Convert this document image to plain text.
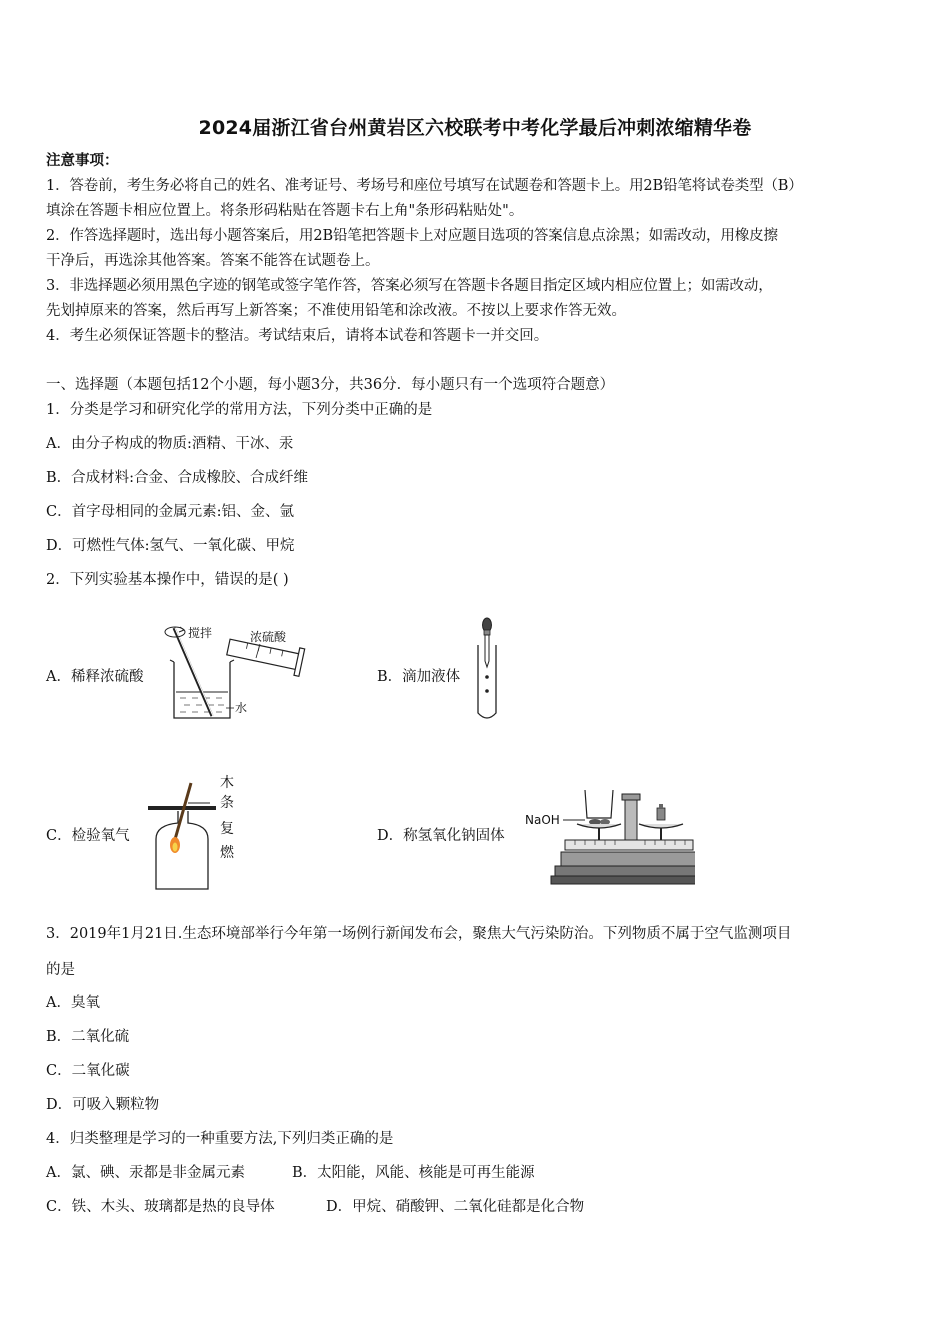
2024届浙江省台州黄岩区六校联考中考化学最后冲刺浓缩精华卷
注意事项：
1．答卷前，考生务必将自己的姓名、准考证号、考场号和座位号填写在试题卷和答题卡上。用2B铅笔将试卷类型（B）
填涂在答题卡相应位置上。将条形码粘贴在答题卡右上角"条形码粘贴处"。
2．作答选择题时，选出每小题答案后，用2B铅笔把答题卡上对应题目选项的答案信息点涂黑；如需改动，用橡皮擦
干净后，再选涂其他答案。答案不能答在试题卷上。
3．非选择题必须用黑色字迹的钢笔或签字笔作答，答案必须写在答题卡各题目指定区域内相应位置上；如需改动，
先划掉原来的答案，然后再写上新答案；不准使用铅笔和涂改液。不按以上要求作答无效。
4．考生必须保证答题卡的整洁。考试结束后，请将本试卷和答题卡一并交回。
一、选择题（本题包括12个小题，每小题3分，共36分．每小题只有一个选项符合题意）
1．分类是学习和研究化学的常用方法，下列分类中正确的是
A．由分子构成的物质:酒精、干冰、汞
B．合成材料:合金、合成橡胶、合成纤维
C．首字母相同的金属元素:铝、金、氩
D．可燃性气体:氢气、一氧化碳、甲烷
2．下列实验基本操作中，错误的是( )
A．稀释浓硫酸
搅拌	浓硫酸
水
B．滴加液体
C．检验氧气
木
条
复
燃
D．称氢氧化钠固体
NaOH
3．2019年1月21日.生态环境部举行今年第一场例行新闻发布会，聚焦大气污染防治。下列物质不属于空气监测项目
的是
A．臭氧
B．二氧化硫
C．二氧化碳
D．可吸入颗粒物
4．归类整理是学习的一种重要方法,下列归类正确的是
A．氯、碘、汞都是非金属元素	B．太阳能，风能、核能是可再生能源
C．铁、木头、玻璃都是热的良导体	D．甲烷、硝酸钾、二氧化硅都是化合物
